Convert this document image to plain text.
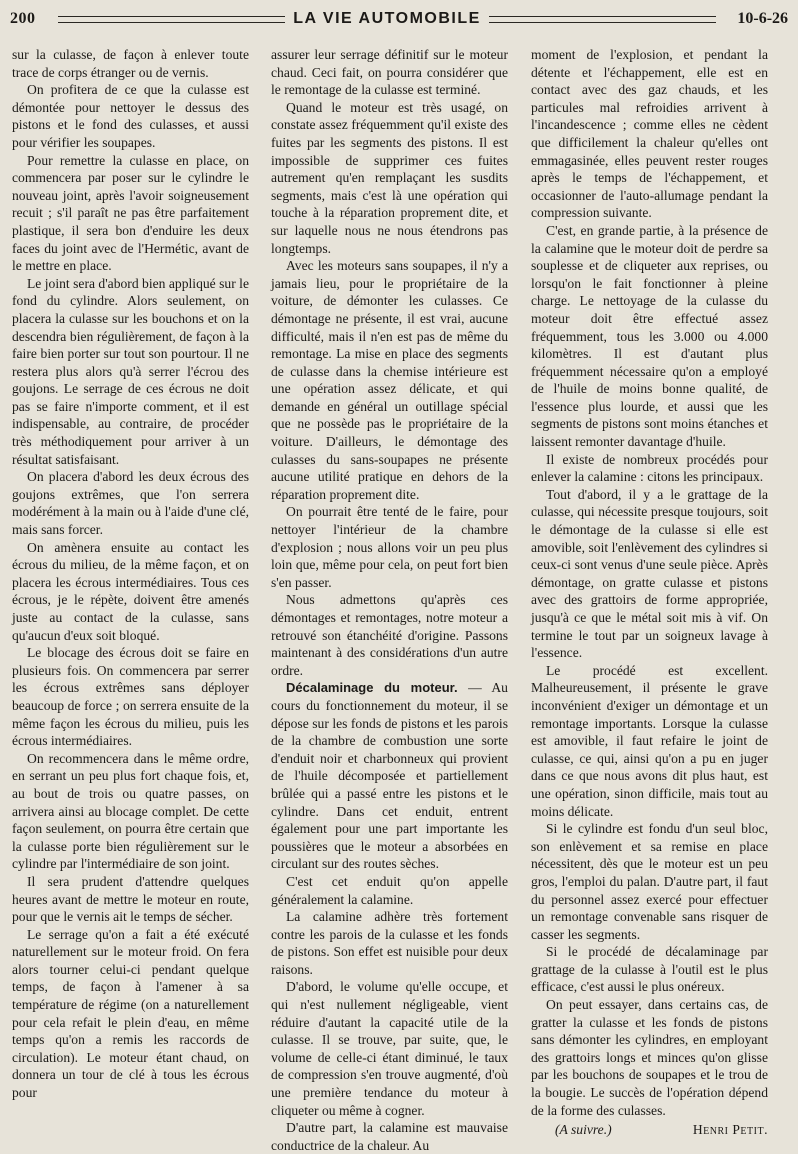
200	LA VIE AUTOMOBILE	10-6-26

sur la culasse, de façon à enlever toute trace de corps étranger ou de vernis.

On profitera de ce que la culasse est démontée pour nettoyer le dessus des pistons et le fond des culasses, et aussi pour vérifier les soupapes.

Pour remettre la culasse en place, on commencera par poser sur le cylindre le nouveau joint, après l'avoir soigneusement recuit ; s'il paraît ne pas être parfaitement plastique, il sera bon d'enduire les deux faces du joint avec de l'Hermétic, avant de le mettre en place.

Le joint sera d'abord bien appliqué sur le fond du cylindre. Alors seulement, on placera la culasse sur les bouchons et on la descendra bien régulièrement, de façon à la faire bien porter sur tout son pourtour. Il ne restera plus alors qu'à serrer l'écrou des goujons. Le serrage de ces écrous ne doit pas se faire n'importe comment, et il est indispensable, au contraire, de procéder très méthodiquement pour arriver à un résultat satisfaisant.

On placera d'abord les deux écrous des goujons extrêmes, que l'on serrera modérément à la main ou à l'aide d'une clé, mais sans forcer.

On amènera ensuite au contact les écrous du milieu, de la même façon, et on placera les écrous intermédiaires. Tous ces écrous, je le répète, doivent être amenés juste au contact de la culasse, sans qu'aucun d'eux soit bloqué.

Le blocage des écrous doit se faire en plusieurs fois. On commencera par serrer les écrous extrêmes sans déployer beaucoup de force ; on serrera ensuite de la même façon les écrous du milieu, puis les écrous intermédiaires.

On recommencera dans le même ordre, en serrant un peu plus fort chaque fois, et, au bout de trois ou quatre passes, on arrivera ainsi au blocage complet. De cette façon seulement, on pourra être certain que la culasse porte bien régulièrement sur le cylindre par l'intermédiaire de son joint.

Il sera prudent d'attendre quelques heures avant de mettre le moteur en route, pour que le vernis ait le temps de sécher.

Le serrage qu'on a fait a été exécuté naturellement sur le moteur froid. On fera alors tourner celui-ci pendant quelque temps, de façon à l'amener à sa température de régime (on a naturellement pour cela refait le plein d'eau, en même temps qu'on a remis les raccords de circulation). Le moteur étant chaud, on donnera un tour de clé à tous les écrous pour

assurer leur serrage définitif sur le moteur chaud. Ceci fait, on pourra considérer que le remontage de la culasse est terminé.

Quand le moteur est très usagé, on constate assez fréquemment qu'il existe des fuites par les segments des pistons. Il est impossible de supprimer ces fuites autrement qu'en remplaçant les susdits segments, mais c'est là une opération qui touche à la réparation proprement dite, et sur laquelle nous ne nous étendrons pas longtemps.

Avec les moteurs sans soupapes, il n'y a jamais lieu, pour le propriétaire de la voiture, de démonter les culasses. Ce démontage ne présente, il est vrai, aucune difficulté, mais il n'en est pas de même du remontage. La mise en place des segments de culasse dans la chemise intérieure est une opération assez délicate, et qui demande en général un outillage spécial que ne possède pas le propriétaire de la voiture. D'ailleurs, le démontage des culasses du sans-soupapes ne présente aucune utilité pratique en dehors de la réparation proprement dite.

On pourrait être tenté de le faire, pour nettoyer l'intérieur de la chambre d'explosion ; nous allons voir un peu plus loin que, même pour cela, on peut fort bien s'en passer.

Nous admettons qu'après ces démontages et remontages, notre moteur a retrouvé son étanchéité d'origine. Passons maintenant à des considérations d'un autre ordre.

Décalaminage du moteur. — Au cours du fonctionnement du moteur, il se dépose sur les fonds de pistons et les parois de la chambre de combustion une sorte d'enduit noir et charbonneux qui provient de l'huile décomposée et partiellement brûlée qui a passé entre les pistons et le cylindre. Dans cet enduit, entrent également pour une part importante les poussières que le moteur a absorbées en circulant sur des routes sèches.

C'est cet enduit qu'on appelle généralement la calamine.

La calamine adhère très fortement contre les parois de la culasse et les fonds de pistons. Son effet est nuisible pour deux raisons.

D'abord, le volume qu'elle occupe, et qui n'est nullement négligeable, vient réduire d'autant la capacité utile de la culasse. Il se trouve, par suite, que, le volume de celle-ci étant diminué, le taux de compression s'en trouve augmenté, d'où une première tendance du moteur à cliqueter ou même à cogner.

D'autre part, la calamine est mauvaise conductrice de la chaleur. Au

moment de l'explosion, et pendant la détente et l'échappement, elle est en contact avec des gaz chauds, et les particules mal refroidies arrivent à l'incandescence ; comme elles ne cèdent que difficilement la chaleur qu'elles ont emmagasinée, elles peuvent rester rouges après le temps de l'échappement, et occasionner de l'auto-allumage pendant la compression suivante.

C'est, en grande partie, à la présence de la calamine que le moteur doit de perdre sa souplesse et de cliqueter aux reprises, ou lorsqu'on le fait fonctionner à pleine charge. Le nettoyage de la culasse du moteur doit être effectué assez fréquemment, tous les 3.000 ou 4.000 kilomètres. Il est d'autant plus fréquemment nécessaire qu'on a employé de l'huile de moins bonne qualité, de l'essence plus lourde, et aussi que les segments de pistons sont moins étanches et laissent remonter davantage d'huile.

Il existe de nombreux procédés pour enlever la calamine : citons les principaux.

Tout d'abord, il y a le grattage de la culasse, qui nécessite presque toujours, soit le démontage de la culasse si elle est amovible, soit l'enlèvement des cylindres si ceux-ci sont venus d'une seule pièce. Après démontage, on gratte culasse et pistons avec des grattoirs de forme appropriée, jusqu'à ce que le métal soit mis à vif. On termine le tout par un soigneux lavage à l'essence.

Le procédé est excellent. Malheureusement, il présente le grave inconvénient d'exiger un démontage et un remontage importants. Lorsque la culasse est amovible, il faut refaire le joint de culasse, ce qui, ainsi qu'on a pu en juger dans ce que nous avons dit plus haut, est une opération, sinon difficile, mais tout au moins délicate.

Si le cylindre est fondu d'un seul bloc, son enlèvement et sa remise en place nécessitent, dès que le moteur est un peu gros, l'emploi du palan. D'autre part, il faut du personnel assez exercé pour effectuer un remontage convenable sans risquer de casser les segments.

Si le procédé de décalaminage par grattage de la culasse à l'outil est le plus efficace, c'est aussi le plus onéreux.

On peut essayer, dans certains cas, de gratter la culasse et les fonds de pistons sans démonter les cylindres, en employant des grattoirs longs et minces qu'on glisse par les bouchons de soupapes et le trou de la bougie. Le succès de l'opération dépend de la forme des culasses.

(A suivre.)	Henri Petit.
